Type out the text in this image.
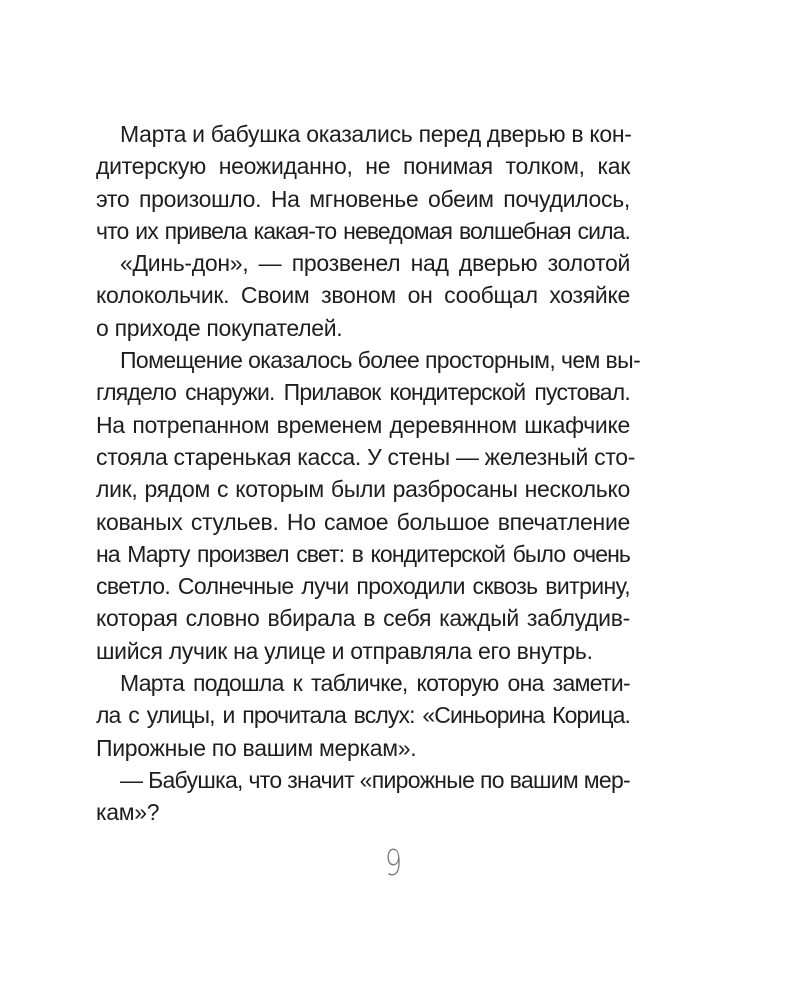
Марта и бабушка оказались перед дверью в кон-
дитерскую неожиданно, не понимая толком, как
это произошло. На мгновенье обеим почудилось,
что их привела какая-то неведомая волшебная сила.
«Динь-дон», — прозвенел над дверью золотой
колокольчик. Своим звоном он сообщал хозяйке
о приходе покупателей.
Помещение оказалось более просторным, чем вы-
глядело снаружи. Прилавок кондитерской пустовал.
На потрепанном временем деревянном шкафчике
стояла старенькая касса. У стены — железный сто-
лик, рядом с которым были разбросаны несколько
кованых стульев. Но самое большое впечатление
на Марту произвел свет: в кондитерской было очень
светло. Солнечные лучи проходили сквозь витрину,
которая словно вбирала в себя каждый заблудив-
шийся лучик на улице и отправляла его внутрь.
Марта подошла к табличке, которую она замети-
ла с улицы, и прочитала вслух: «Синьорина Корица.
Пирожные по вашим меркам».
— Бабушка, что значит «пирожные по вашим мер-
кам»?
9
